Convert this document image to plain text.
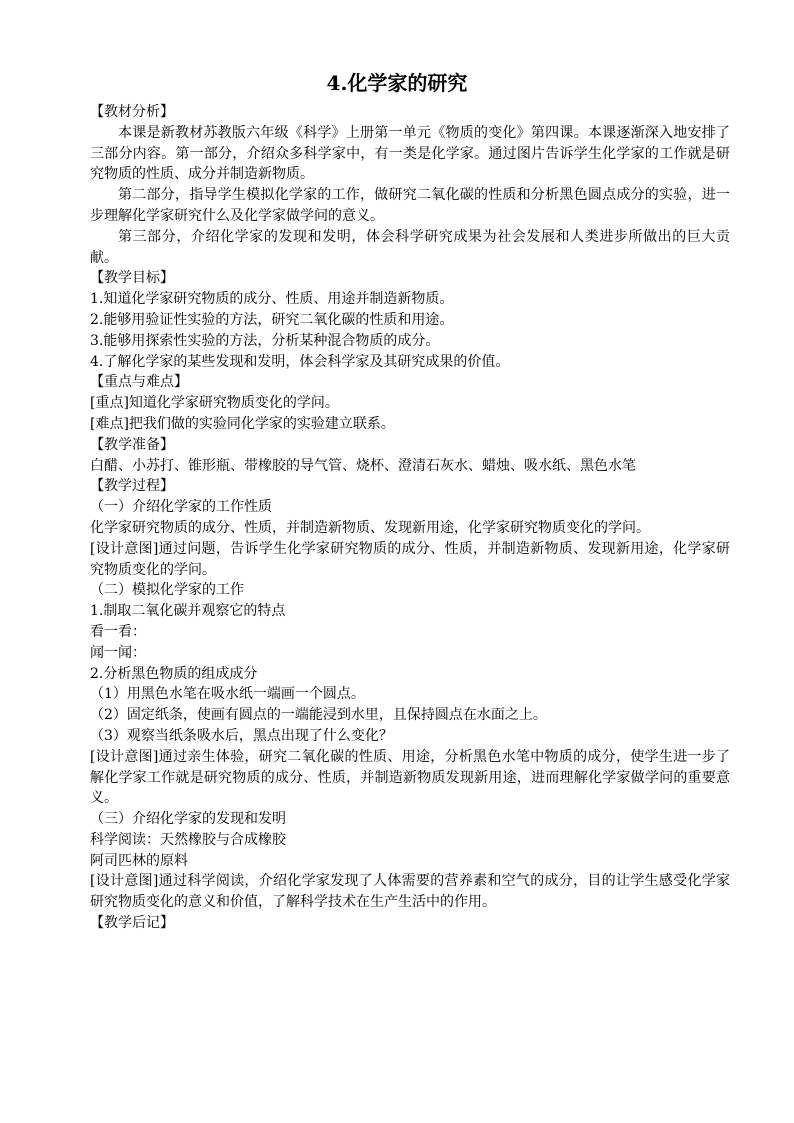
4.化学家的研究

【教材分析】

本课是新教材苏教版六年级《科学》上册第一单元《物质的变化》第四课。本课逐渐深入地安排了三部分内容。第一部分，介绍众多科学家中，有一类是化学家。通过图片告诉学生化学家的工作就是研究物质的性质、成分并制造新物质。

第二部分，指导学生模拟化学家的工作，做研究二氧化碳的性质和分析黑色圆点成分的实验，进一步理解化学家研究什么及化学家做学问的意义。

第三部分，介绍化学家的发现和发明，体会科学研究成果为社会发展和人类进步所做出的巨大贡献。

【教学目标】

1.知道化学家研究物质的成分、性质、用途并制造新物质。

2.能够用验证性实验的方法，研究二氧化碳的性质和用途。

3.能够用探索性实验的方法，分析某种混合物质的成分。

4.了解化学家的某些发现和发明，体会科学家及其研究成果的价值。

【重点与难点】

[重点]知道化学家研究物质变化的学问。

[难点]把我们做的实验同化学家的实验建立联系。

【教学准备】

白醋、小苏打、锥形瓶、带橡胶的导气管、烧杯、澄清石灰水、蜡烛、吸水纸、黑色水笔

【教学过程】

（一）介绍化学家的工作性质

化学家研究物质的成分、性质，并制造新物质、发现新用途，化学家研究物质变化的学问。

[设计意图]通过问题，告诉学生化学家研究物质的成分、性质，并制造新物质、发现新用途，化学家研究物质变化的学问。

（二）模拟化学家的工作

1.制取二氧化碳并观察它的特点

看一看：

闻一闻：

2.分析黑色物质的组成成分

（1）用黑色水笔在吸水纸一端画一个圆点。

（2）固定纸条，使画有圆点的一端能浸到水里，且保持圆点在水面之上。

（3）观察当纸条吸水后，黑点出现了什么变化？

[设计意图]通过亲生体验，研究二氧化碳的性质、用途，分析黑色水笔中物质的成分，使学生进一步了解化学家工作就是研究物质的成分、性质，并制造新物质发现新用途，进而理解化学家做学问的重要意义。

（三）介绍化学家的发现和发明

科学阅读：天然橡胶与合成橡胶

阿司匹林的原料

[设计意图]通过科学阅读，介绍化学家发现了人体需要的营养素和空气的成分，目的让学生感受化学家研究物质变化的意义和价值，了解科学技术在生产生活中的作用。

【教学后记】
